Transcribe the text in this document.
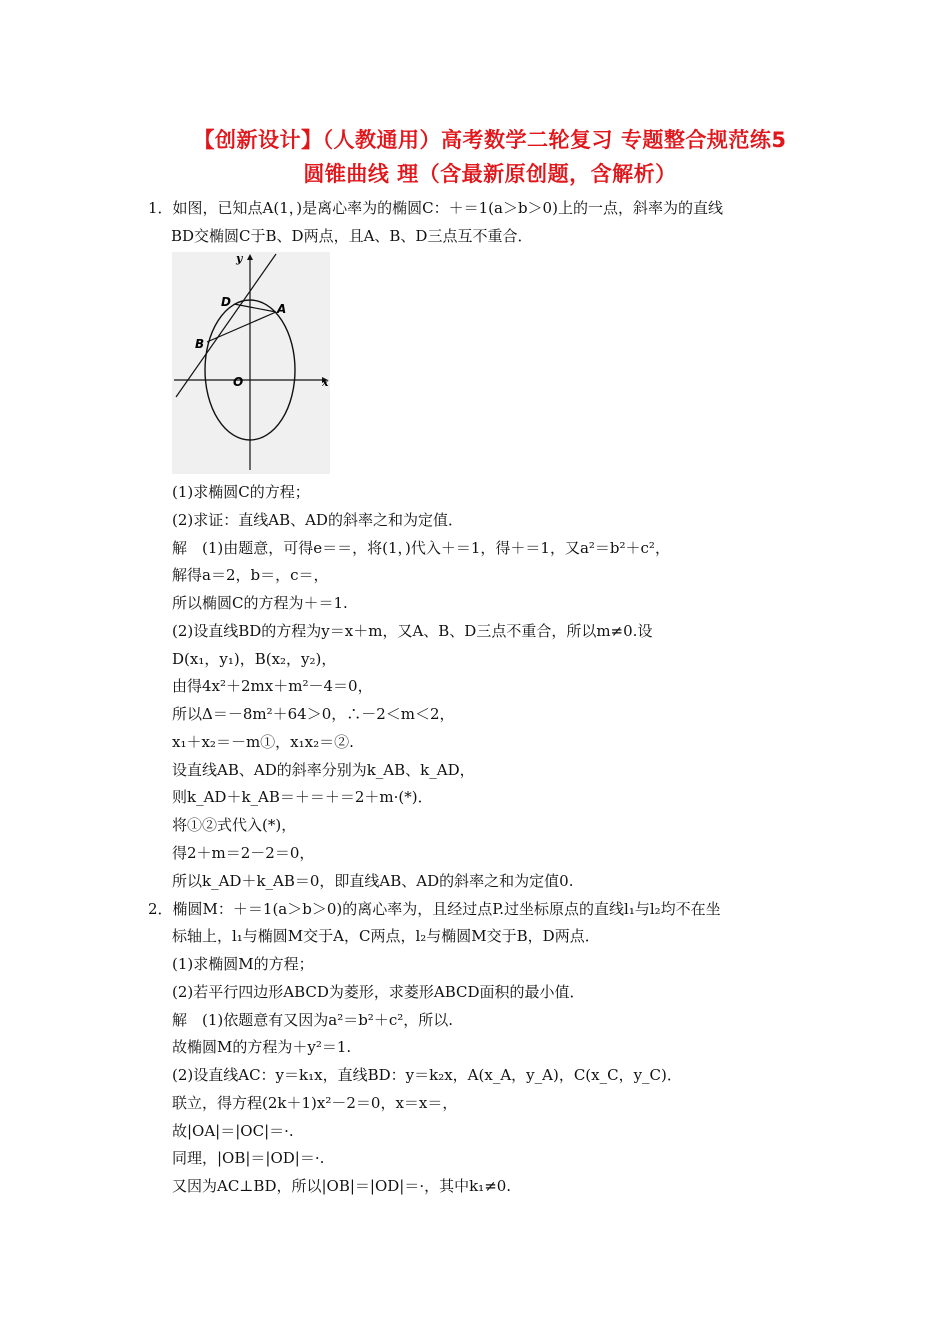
【创新设计】（人教通用）高考数学二轮复习 专题整合规范练5
圆锥曲线 理（含最新原创题，含解析）
1．如图，已知点A(1，)是离心率为的椭圆C：＋＝1(a＞b＞0)上的一点，斜率为的直线
BD交椭圆C于B、D两点，且A、B、D三点互不重合．
y
x
O
A
B
D
(1)求椭圆C的方程；
(2)求证：直线AB、AD的斜率之和为定值．
解　(1)由题意，可得e＝＝，将(1，)代入＋＝1，得＋＝1，又a²＝b²＋c²，
解得a＝2，b＝，c＝，
所以椭圆C的方程为＋＝1.
(2)设直线BD的方程为y＝x＋m，又A、B、D三点不重合，所以m≠0.设
D(x₁，y₁)，B(x₂，y₂)，
由得4x²＋2mx＋m²－4＝0，
所以Δ＝－8m²＋64＞0，∴－2＜m＜2，
x₁＋x₂＝－m①，x₁x₂＝②.
设直线AB、AD的斜率分别为k_AB、k_AD，
则k_AD＋k_AB＝＋＝＋＝2＋m·(*)．
将①②式代入(*)，
得2＋m＝2－2＝0，
所以k_AD＋k_AB＝0，即直线AB、AD的斜率之和为定值0.
2．椭圆M：＋＝1(a＞b＞0)的离心率为，且经过点P.过坐标原点的直线l₁与l₂均不在坐
标轴上，l₁与椭圆M交于A，C两点，l₂与椭圆M交于B，D两点．
(1)求椭圆M的方程；
(2)若平行四边形ABCD为菱形，求菱形ABCD面积的最小值．
解　(1)依题意有又因为a²＝b²＋c²，所以.
故椭圆M的方程为＋y²＝1.
(2)设直线AC：y＝k₁x，直线BD：y＝k₂x，A(x_A，y_A)，C(x_C，y_C)．
联立，得方程(2k＋1)x²－2＝0，x＝x＝，
故|OA|＝|OC|＝·.
同理，|OB|＝|OD|＝·.
又因为AC⊥BD，所以|OB|＝|OD|＝·，其中k₁≠0.
